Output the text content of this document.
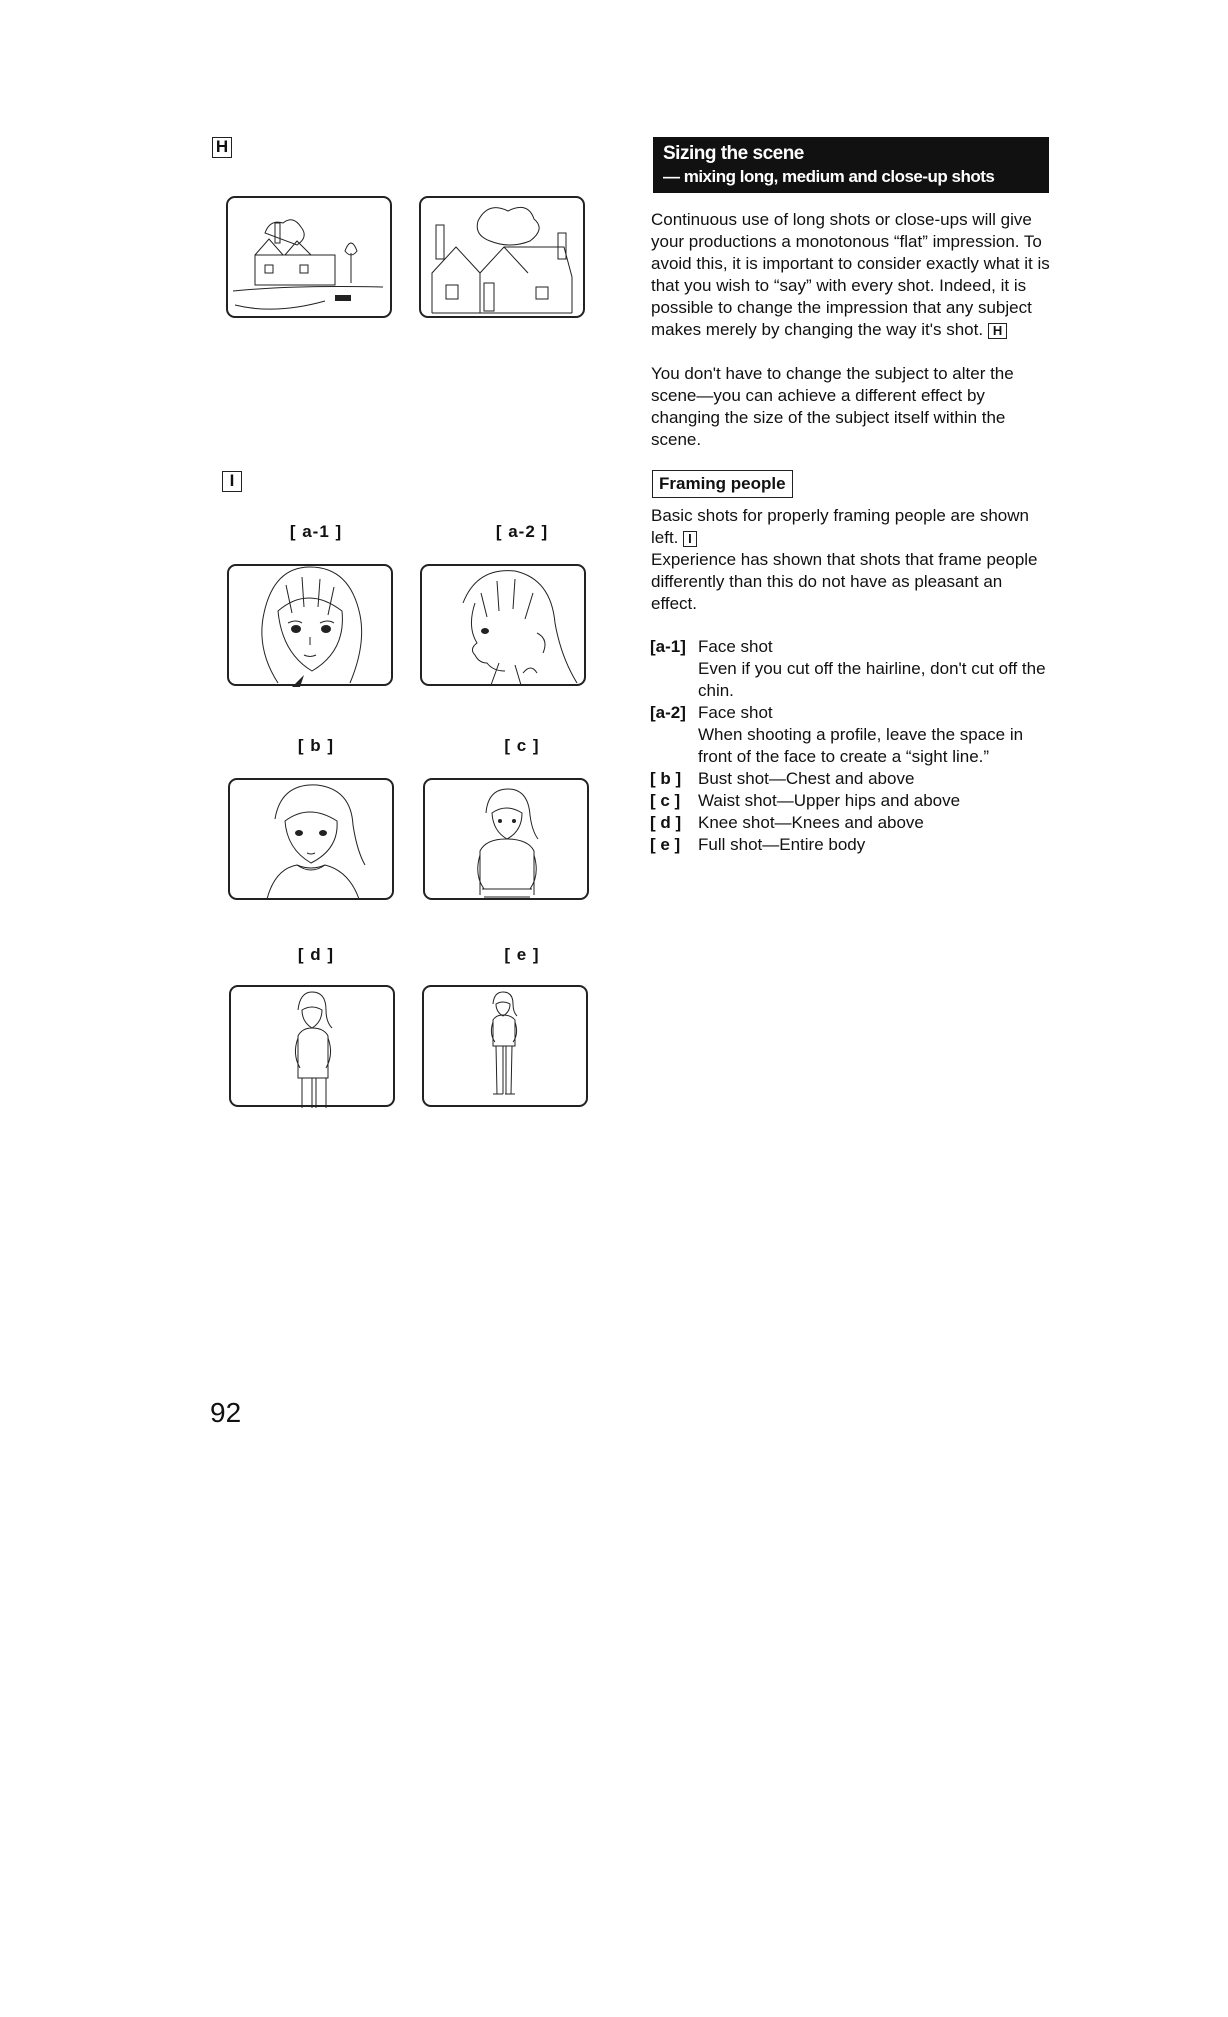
H
I
[ a-1 ]	[ a-2 ]
[ b ]	[ c ]
[ d ]	[ e ]
92
Sizing the scene
— mixing long, medium and close-up shots

Continuous use of long shots or close-ups will give your productions a monotonous “flat” impression. To avoid this, it is important to consider exactly what it is that you wish to “say” with every shot. Indeed, it is possible to change the impression that any subject makes merely by changing the way it's shot. H

You don't have to change the subject to alter the scene—you can achieve a different effect by changing the size of the subject itself within the scene.

Framing people

Basic shots for properly framing people are shown left. I

Experience has shown that shots that frame people differently than this do not have as pleasant an effect.

[a-1] Face shot
Even if you cut off the hairline, don't cut off the chin.
[a-2] Face shot
When shooting a profile, leave the space in front of the face to create a “sight line.”
[ b ] Bust shot—Chest and above
[ c ] Waist shot—Upper hips and above
[ d ] Knee shot—Knees and above
[ e ] Full shot—Entire body
